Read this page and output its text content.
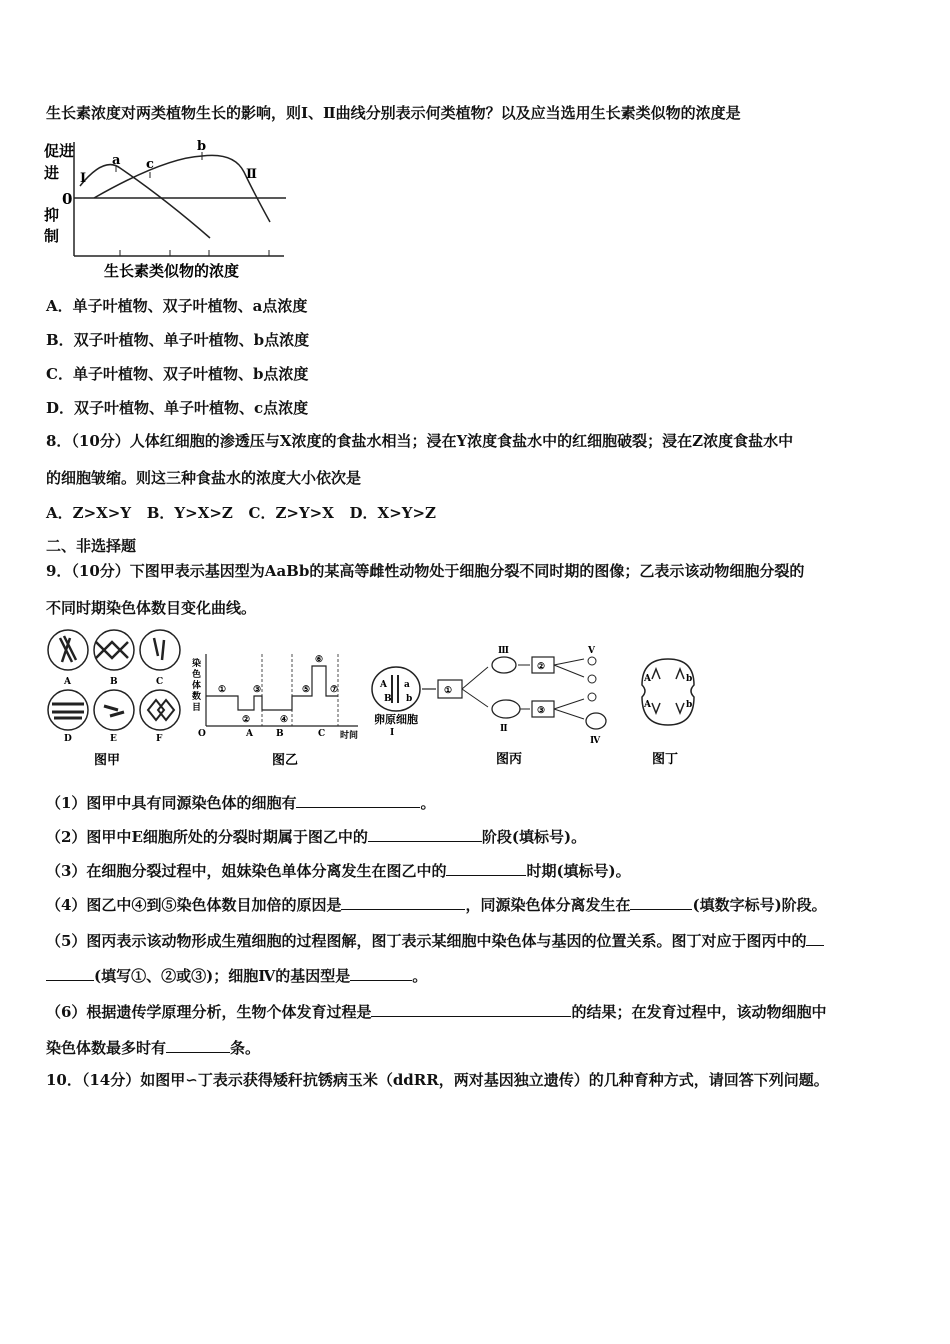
生长素浓度对两类植物生长的影响，则Ⅰ、Ⅱ曲线分别表示何类植物？以及应当选用生长素类似物的浓度是
促进
进
0
抑
制
Ⅰ	Ⅱ
a c
b
生长素类似物的浓度
A．单子叶植物、双子叶植物、a点浓度
B．双子叶植物、单子叶植物、b点浓度
C．单子叶植物、双子叶植物、b点浓度
D．双子叶植物、单子叶植物、c点浓度
8．（10分）人体红细胞的渗透压与X浓度的食盐水相当；浸在Y浓度食盐水中的红细胞破裂；浸在Z浓度食盐水中
的细胞皱缩。则这三种食盐水的浓度大小依次是
A．Z>X>Y   B．Y>X>Z   C．Z>Y>X   D．X>Y>Z
二、非选择题
9．（10分）下图甲表示基因型为AaBb的某高等雌性动物处于细胞分裂不同时期的图像；乙表示该动物细胞分裂的
不同时期染色体数目变化曲线。
A	B	C
D	E	F
图甲
染
色
体
数
目
O
①
②
③
④
⑤
⑥
⑦
A	B	C 时间
图乙
A a
B b
卵原细胞
Ⅰ
①
Ⅲ
Ⅱ
②
③
Ⅴ
Ⅳ
图丙
A	b
A	b
图丁
（1）图甲中具有同源染色体的细胞有	。
（2）图甲中E细胞所处的分裂时期属于图乙中的	阶段(填标号)。
（3）在细胞分裂过程中，姐妹染色单体分离发生在图乙中的	时期(填标号)。
（4）图乙中④到⑤染色体数目加倍的原因是	，同源染色体分离发生在	(填数字标号)阶段。
（5）图丙表示该动物形成生殖细胞的过程图解，图丁表示某细胞中染色体与基因的位置关系。图丁对应于图丙中的
(填写①、②或③)；细胞Ⅳ的基因型是	。
（6）根据遗传学原理分析，生物个体发育过程是	的结果；在发育过程中，该动物细胞中
染色体数最多时有	条。
10．（14分）如图甲∽丁表示获得矮秆抗锈病玉米（ddRR，两对基因独立遗传）的几种育种方式，请回答下列问题。
